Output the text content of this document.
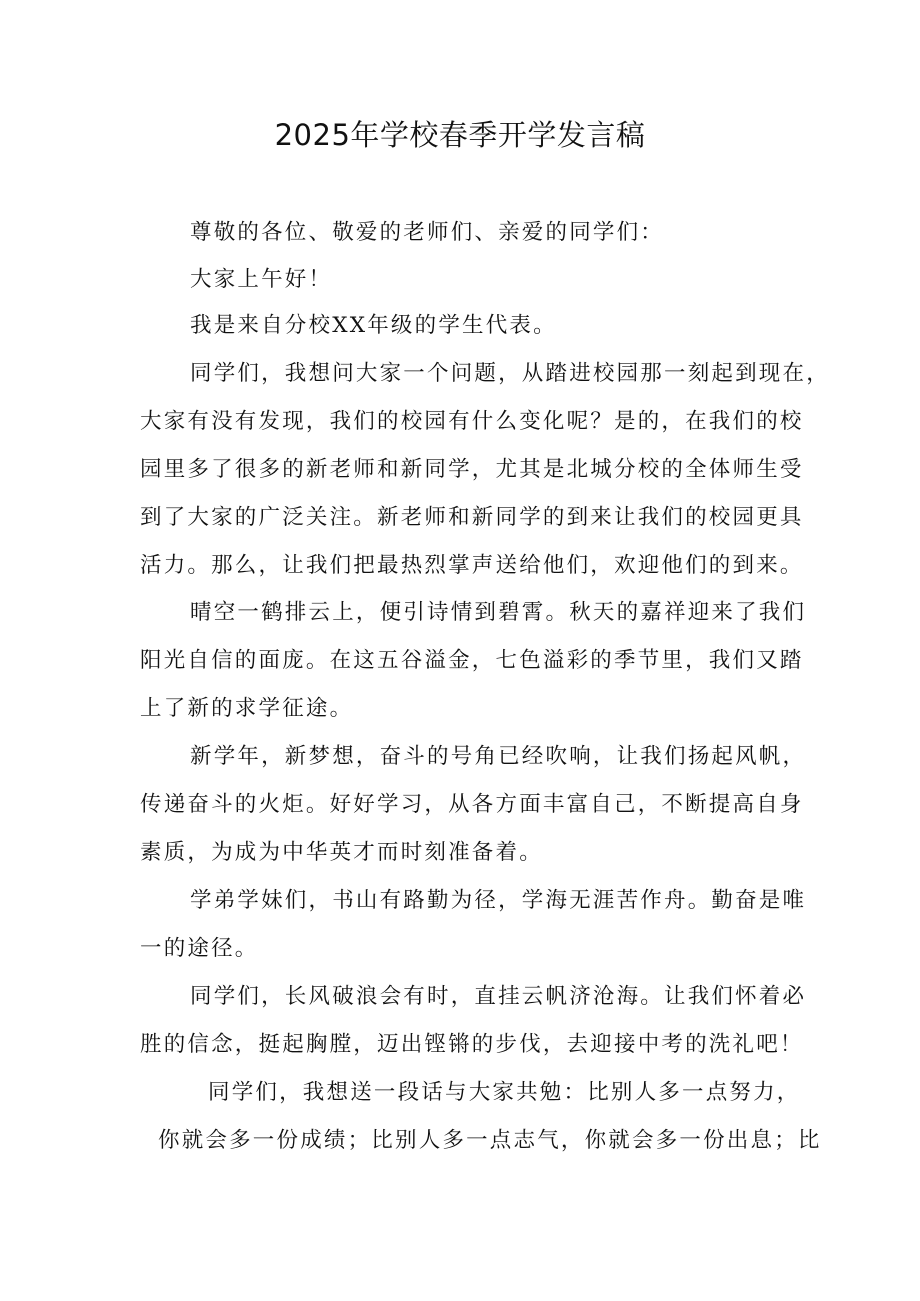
2025年学校春季开学发言稿
尊敬的各位、敬爱的老师们、亲爱的同学们：
大家上午好！
我是来自分校XX年级的学生代表。
同学们，我想问大家一个问题，从踏进校园那一刻起到现在，
大家有没有发现，我们的校园有什么变化呢？是的，在我们的校
园里多了很多的新老师和新同学，尤其是北城分校的全体师生受
到了大家的广泛关注。新老师和新同学的到来让我们的校园更具
活力。那么，让我们把最热烈掌声送给他们，欢迎他们的到来。
晴空一鹤排云上，便引诗情到碧霄。秋天的嘉祥迎来了我们
阳光自信的面庞。在这五谷溢金，七色溢彩的季节里，我们又踏
上了新的求学征途。
新学年，新梦想，奋斗的号角已经吹响，让我们扬起风帆，
传递奋斗的火炬。好好学习，从各方面丰富自己，不断提高自身
素质，为成为中华英才而时刻准备着。
学弟学妹们，书山有路勤为径，学海无涯苦作舟。勤奋是唯
一的途径。
同学们，长风破浪会有时，直挂云帆济沧海。让我们怀着必
胜的信念，挺起胸膛，迈出铿锵的步伐，去迎接中考的洗礼吧！
同学们，我想送一段话与大家共勉：比别人多一点努力，
你就会多一份成绩；比别人多一点志气，你就会多一份出息；比
